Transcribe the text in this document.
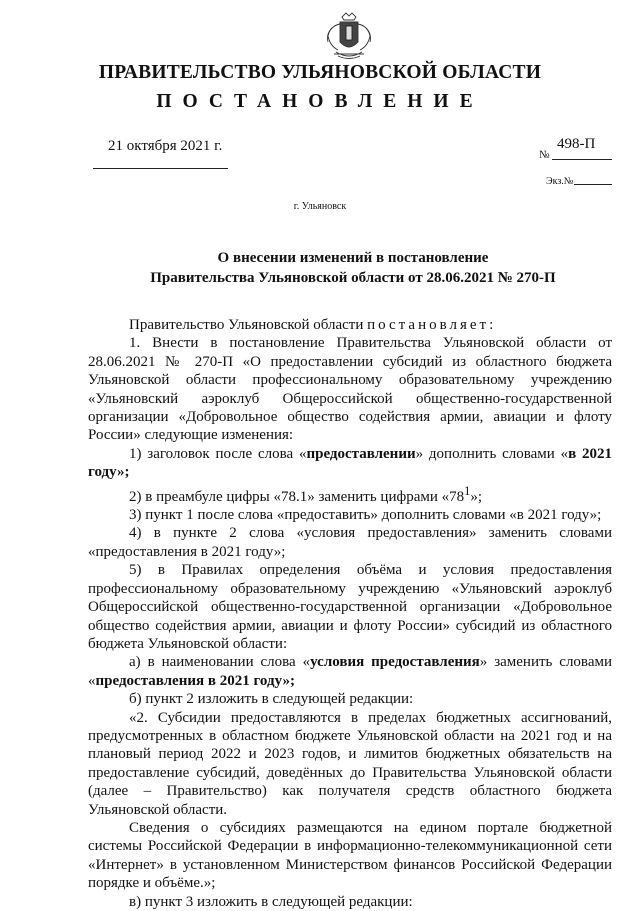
ПРАВИТЕЛЬСТВО УЛЬЯНОВСКОЙ ОБЛАСТИ
ПОСТАНОВЛЕНИЕ
21 октября 2021 г.
№
498-П
Экз.№
г. Ульяновск
О внесении изменений в постановление
Правительства Ульяновской области от 28.06.2021 № 270-П

Правительство Ульяновской области постановляет:

1. Внести в постановление Правительства Ульяновской области от 28.06.2021 № 270-П «О предоставлении субсидий из областного бюджета Ульяновской области профессиональному образовательному учреждению «Ульяновский аэроклуб Общероссийской общественно-государственной организации «Добровольное общество содействия армии, авиации и флоту России» следующие изменения:

1) заголовок после слова «предоставлении» дополнить словами «в 2021 году»;

2) в преамбуле цифры «78.1» заменить цифрами «$78^1$»;

3) пункт 1 после слова «предоставить» дополнить словами «в 2021 году»;

4) в пункте 2 слова «условия предоставления» заменить словами «предоставления в 2021 году»;

5) в Правилах определения объёма и условия предоставления профессиональному образовательному учреждению «Ульяновский аэроклуб Общероссийской общественно-государственной организации «Добровольное общество содействия армии, авиации и флоту России» субсидий из областного бюджета Ульяновской области:

а) в наименовании слова «условия предоставления» заменить словами «предоставления в 2021 году»;

б) пункт 2 изложить в следующей редакции:

«2. Субсидии предоставляются в пределах бюджетных ассигнований, предусмотренных в областном бюджете Ульяновской области на 2021 год и на плановый период 2022 и 2023 годов, и лимитов бюджетных обязательств на предоставление субсидий, доведённых до Правительства Ульяновской области (далее – Правительство) как получателя средств областного бюджета Ульяновской области.

Сведения о субсидиях размещаются на едином портале бюджетной системы Российской Федерации в информационно-телекоммуникационной сети «Интернет» в установленном Министерством финансов Российской Федерации порядке и объёме.»;

в) пункт 3 изложить в следующей редакции:
